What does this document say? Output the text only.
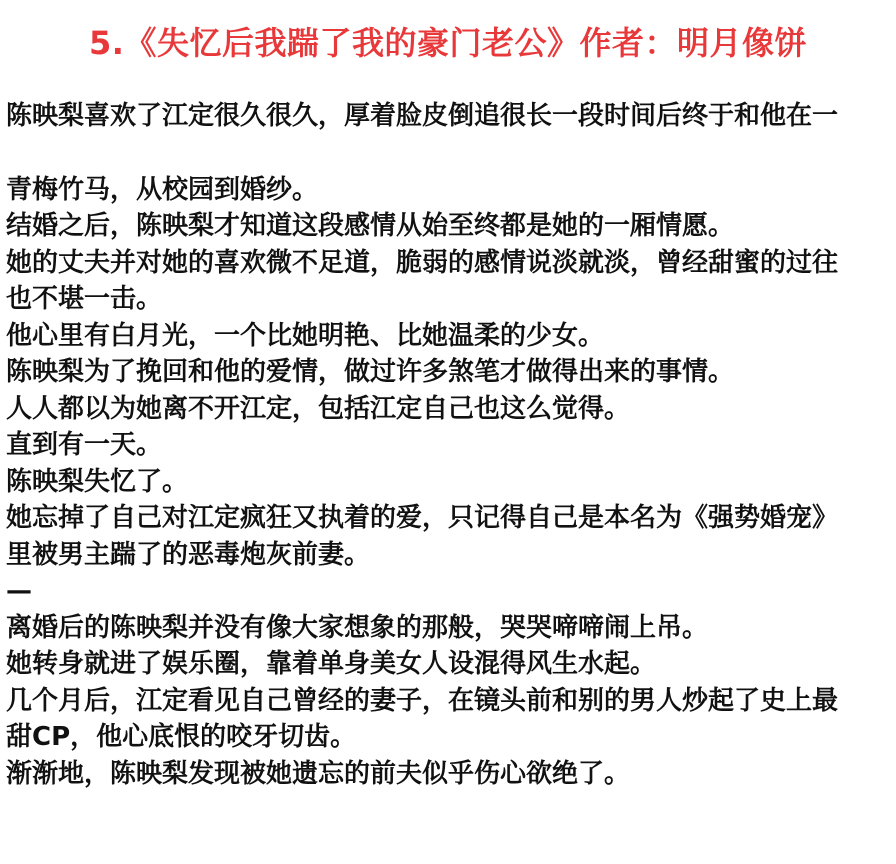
5.《失忆后我踹了我的豪门老公》作者：明月像饼
陈映梨喜欢了江定很久很久，厚着脸皮倒追很长一段时间后终于和他在一
青梅竹马，从校园到婚纱。
结婚之后，陈映梨才知道这段感情从始至终都是她的一厢情愿。
她的丈夫并对她的喜欢微不足道，脆弱的感情说淡就淡，曾经甜蜜的过往
也不堪一击。
他心里有白月光，一个比她明艳、比她温柔的少女。
陈映梨为了挽回和他的爱情，做过许多煞笔才做得出来的事情。
人人都以为她离不开江定，包括江定自己也这么觉得。
直到有一天。
陈映梨失忆了。
她忘掉了自己对江定疯狂又执着的爱，只记得自己是本名为《强势婚宠》
里被男主踹了的恶毒炮灰前妻。
—
离婚后的陈映梨并没有像大家想象的那般，哭哭啼啼闹上吊。
她转身就进了娱乐圈，靠着单身美女人设混得风生水起。
几个月后，江定看见自己曾经的妻子，在镜头前和别的男人炒起了史上最
甜CP，他心底恨的咬牙切齿。
渐渐地，陈映梨发现被她遗忘的前夫似乎伤心欲绝了。
